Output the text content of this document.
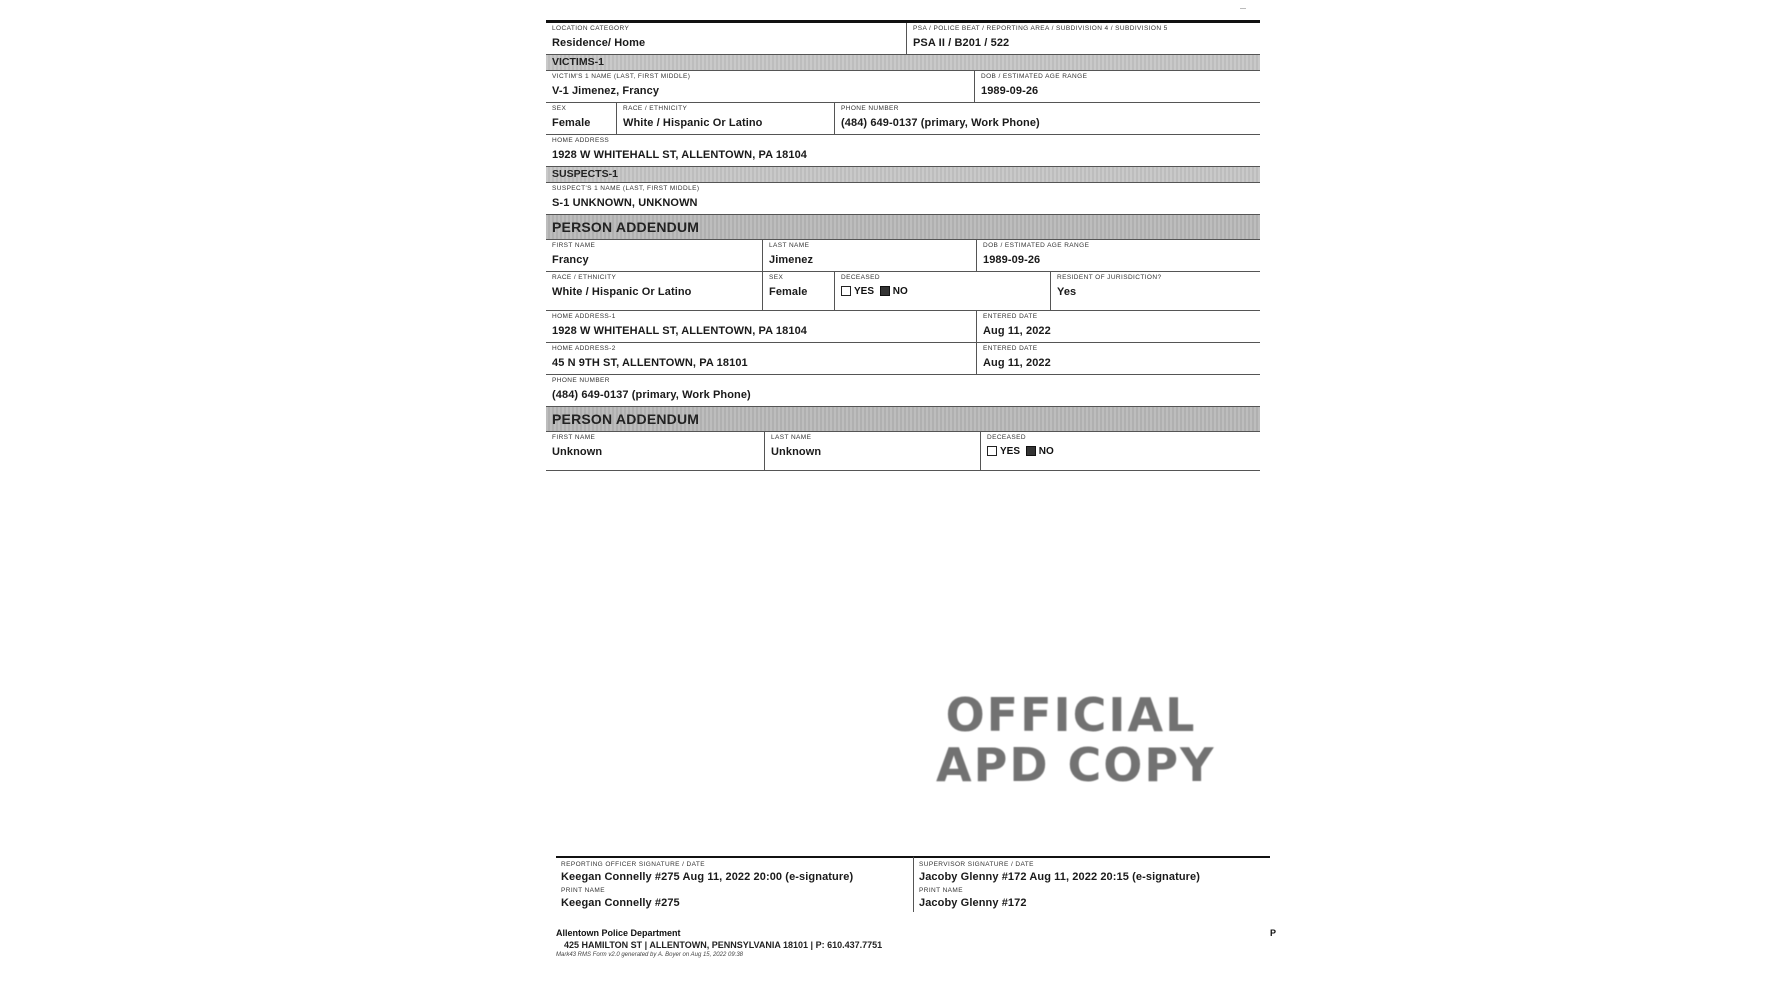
LOCATION CATEGORY
Residence/ Home
PSA / POLICE BEAT / REPORTING AREA / SUBDIVISION 4 / SUBDIVISION 5
PSA II / B201 / 522
VICTIMS-1
VICTIM'S 1 NAME (LAST, FIRST MIDDLE)
V-1 Jimenez, Francy
DOB / ESTIMATED AGE RANGE
1989-09-26
SEX
Female
RACE / ETHNICITY
White / Hispanic Or Latino
PHONE NUMBER
(484) 649-0137 (primary, Work Phone)
HOME ADDRESS
1928 W WHITEHALL ST, ALLENTOWN, PA 18104
SUSPECTS-1
SUSPECT'S 1 NAME (LAST, FIRST MIDDLE)
S-1 UNKNOWN, UNKNOWN
PERSON ADDENDUM
FIRST NAME
Francy
LAST NAME
Jimenez
DOB / ESTIMATED AGE RANGE
1989-09-26
RACE / ETHNICITY
White / Hispanic Or Latino
SEX
Female
DECEASED
YES NO
RESIDENT OF JURISDICTION?
Yes
HOME ADDRESS-1
1928 W WHITEHALL ST, ALLENTOWN, PA 18104
ENTERED DATE
Aug 11, 2022
HOME ADDRESS-2
45 N 9TH ST, ALLENTOWN, PA 18101
ENTERED DATE
Aug 11, 2022
PHONE NUMBER
(484) 649-0137 (primary, Work Phone)
PERSON ADDENDUM
FIRST NAME
Unknown
LAST NAME
Unknown
DECEASED
YES NO
OFFICIAL
APD COPY
REPORTING OFFICER SIGNATURE / DATE
Keegan Connelly #275 Aug 11, 2022 20:00 (e-signature)
PRINT NAME
Keegan Connelly #275
SUPERVISOR SIGNATURE / DATE
Jacoby Glenny #172 Aug 11, 2022 20:15 (e-signature)
PRINT NAME
Jacoby Glenny #172
Allentown Police Department
425 HAMILTON ST | ALLENTOWN, PENNSYLVANIA 18101 | P: 610.437.7751
Mark43 RMS Form v2.0 generated by A. Boyer on Aug 15, 2022 09:38
P
